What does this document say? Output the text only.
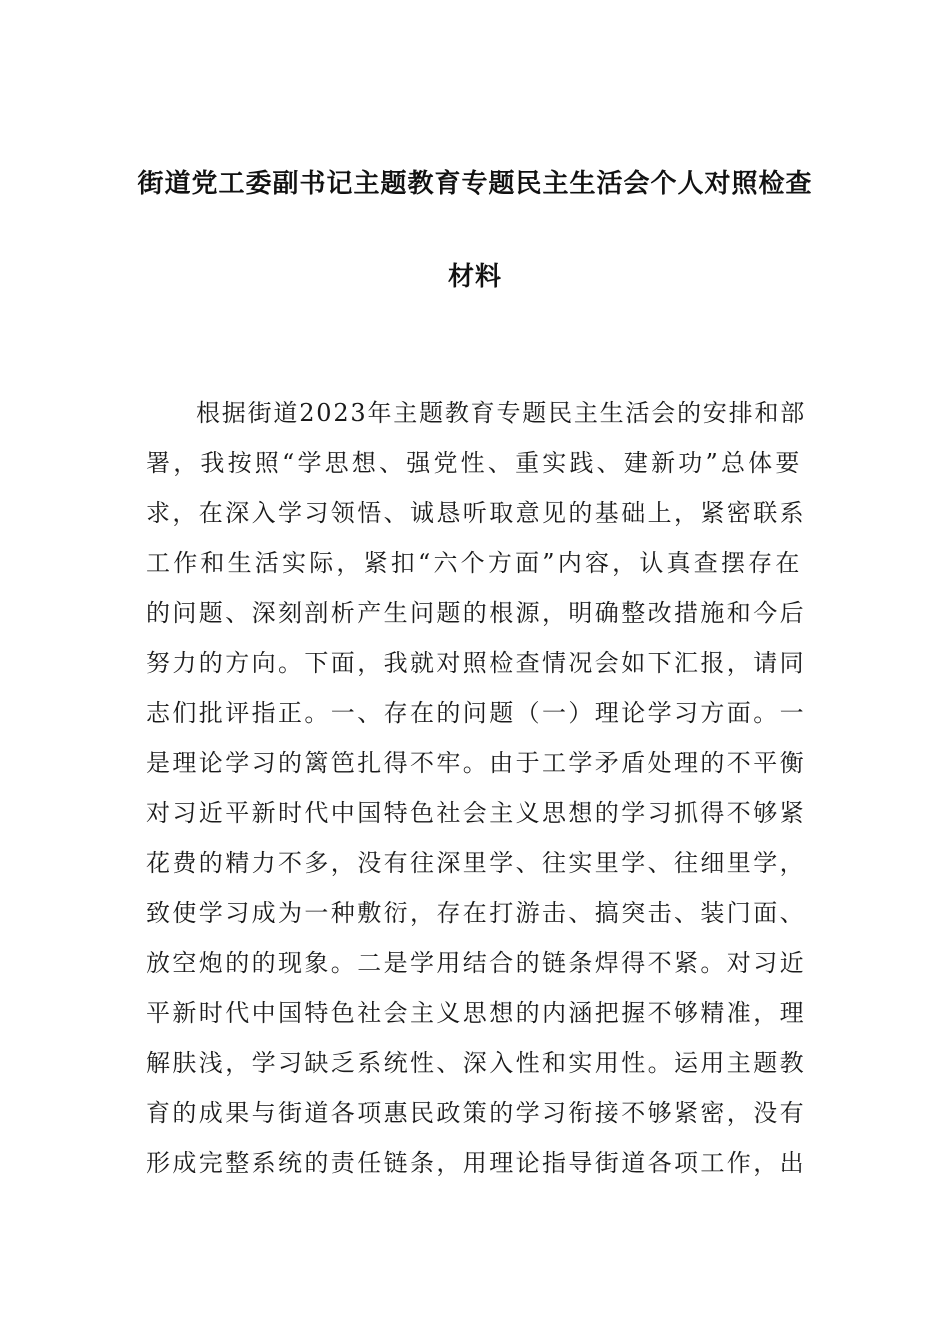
街道党工委副书记主题教育专题民主生活会个人对照检查
材料
根据街道2023年主题教育专题民主生活会的安排和部
署，我按照“学思想、强党性、重实践、建新功”总体要
求，在深入学习领悟、诚恳听取意见的基础上，紧密联系
工作和生活实际，紧扣“六个方面”内容，认真查摆存在
的问题、深刻剖析产生问题的根源，明确整改措施和今后
努力的方向。下面，我就对照检查情况会如下汇报，请同
志们批评指正。一、存在的问题（一）理论学习方面。一
是理论学习的篱笆扎得不牢。由于工学矛盾处理的不平衡
对习近平新时代中国特色社会主义思想的学习抓得不够紧
花费的精力不多，没有往深里学、往实里学、往细里学，
致使学习成为一种敷衍，存在打游击、搞突击、装门面、
放空炮的的现象。二是学用结合的链条焊得不紧。对习近
平新时代中国特色社会主义思想的内涵把握不够精准，理
解肤浅，学习缺乏系统性、深入性和实用性。运用主题教
育的成果与街道各项惠民政策的学习衔接不够紧密，没有
形成完整系统的责任链条，用理论指导街道各项工作，出
